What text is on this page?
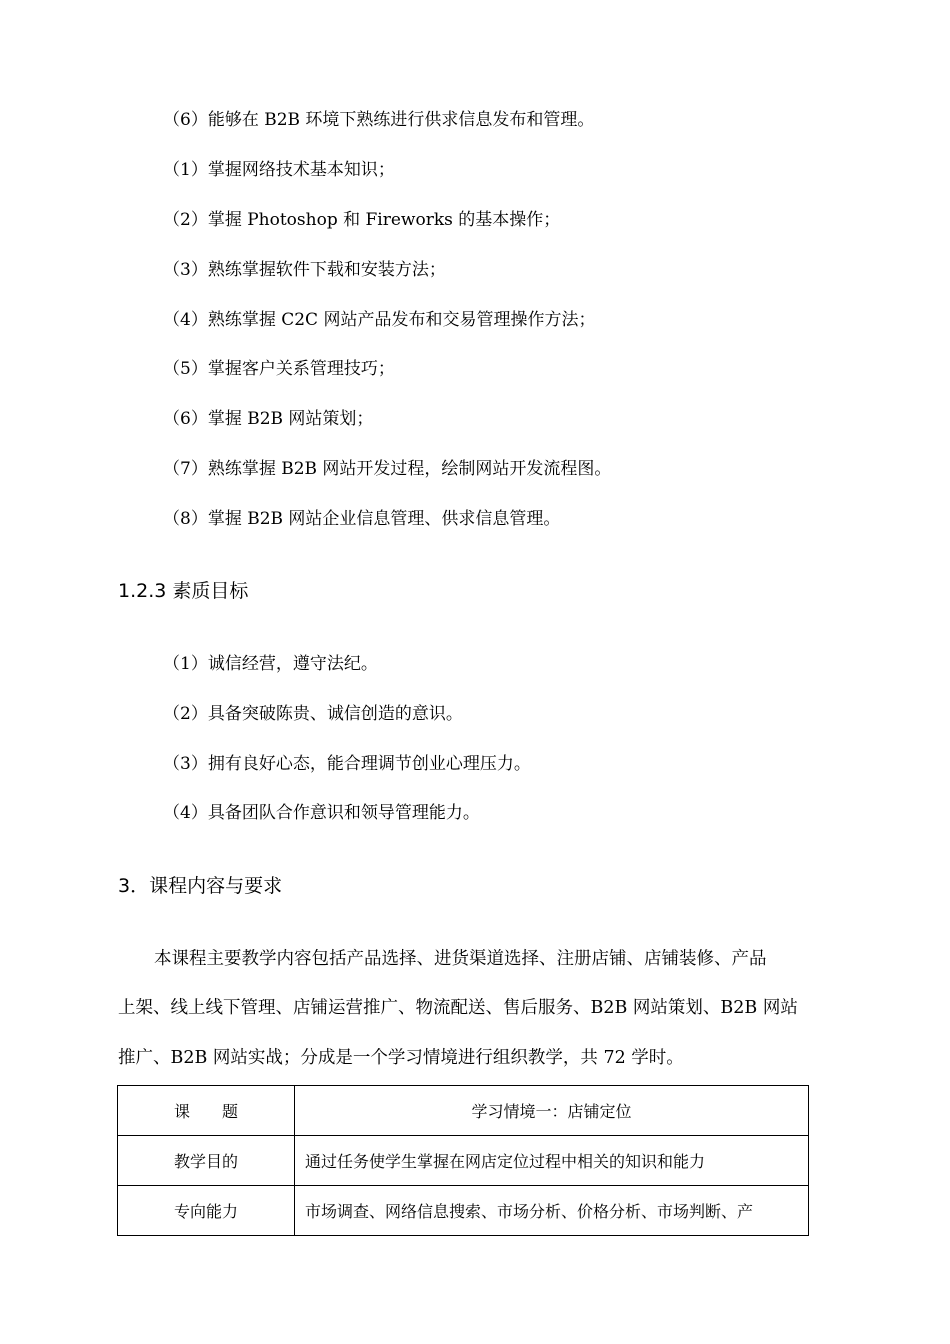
（6）能够在 B2B 环境下熟练进行供求信息发布和管理。
（1）掌握网络技术基本知识；
（2）掌握 Photoshop 和 Fireworks 的基本操作；
（3）熟练掌握软件下载和安装方法；
（4）熟练掌握 C2C 网站产品发布和交易管理操作方法；
（5）掌握客户关系管理技巧；
（6）掌握 B2B 网站策划；
（7）熟练掌握 B2B 网站开发过程，绘制网站开发流程图。
（8）掌握 B2B 网站企业信息管理、供求信息管理。
1.2.3 素质目标
（1）诚信经营，遵守法纪。
（2）具备突破陈贵、诚信创造的意识。
（3）拥有良好心态，能合理调节创业心理压力。
（4）具备团队合作意识和领导管理能力。
3．课程内容与要求
本课程主要教学内容包括产品选择、进货渠道选择、注册店铺、店铺装修、产品
上架、线上线下管理、店铺运营推广、物流配送、售后服务、B2B 网站策划、B2B 网站
推广、B2B 网站实战；分成是一个学习情境进行组织教学，共 72 学时。
课　　题	学习情境一：店铺定位
教学目的	通过任务使学生掌握在网店定位过程中相关的知识和能力
专向能力	市场调查、网络信息搜索、市场分析、价格分析、市场判断、产
